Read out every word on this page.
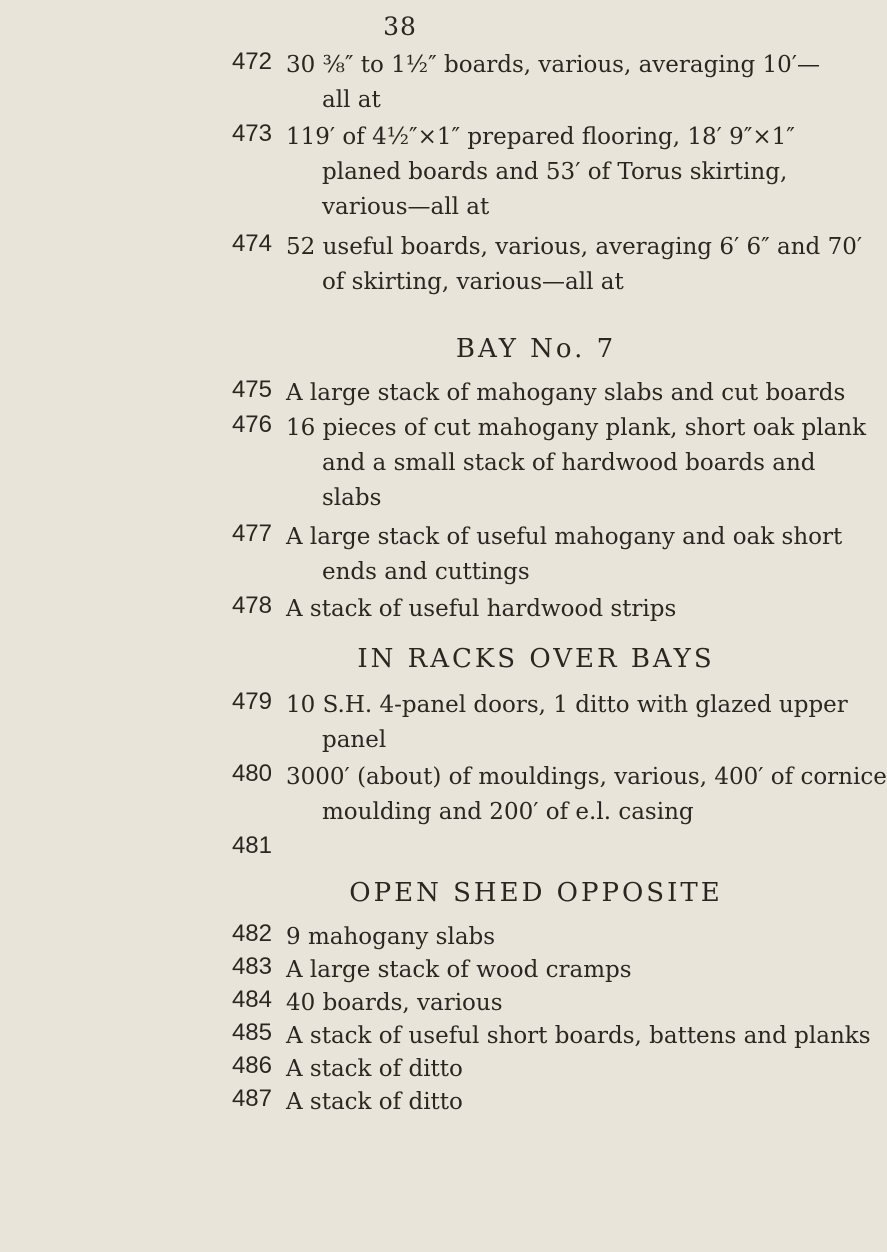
38
472 30 ⅜″ to 1½″ boards, various, averaging 10′—
all at
473 119′ of 4½″×1″ prepared flooring, 18′ 9″×1″
planed boards and 53′ of Torus skirting,
various—all at
474 52 useful boards, various, averaging 6′ 6″ and 70′
of skirting, various—all at
BAY No. 7
475 A large stack of mahogany slabs and cut boards
476 16 pieces of cut mahogany plank, short oak plank
and a small stack of hardwood boards and
slabs
477 A large stack of useful mahogany and oak short
ends and cuttings
478 A stack of useful hardwood strips
IN RACKS OVER BAYS
479 10 S.H. 4-panel doors, 1 ditto with glazed upper
panel
480 3000′ (about) of mouldings, various, 400′ of cornice
moulding and 200′ of e.l. casing
481
OPEN SHED OPPOSITE
482 9 mahogany slabs
483 A large stack of wood cramps
484 40 boards, various
485 A stack of useful short boards, battens and planks
486 A stack of ditto
487 A stack of ditto
